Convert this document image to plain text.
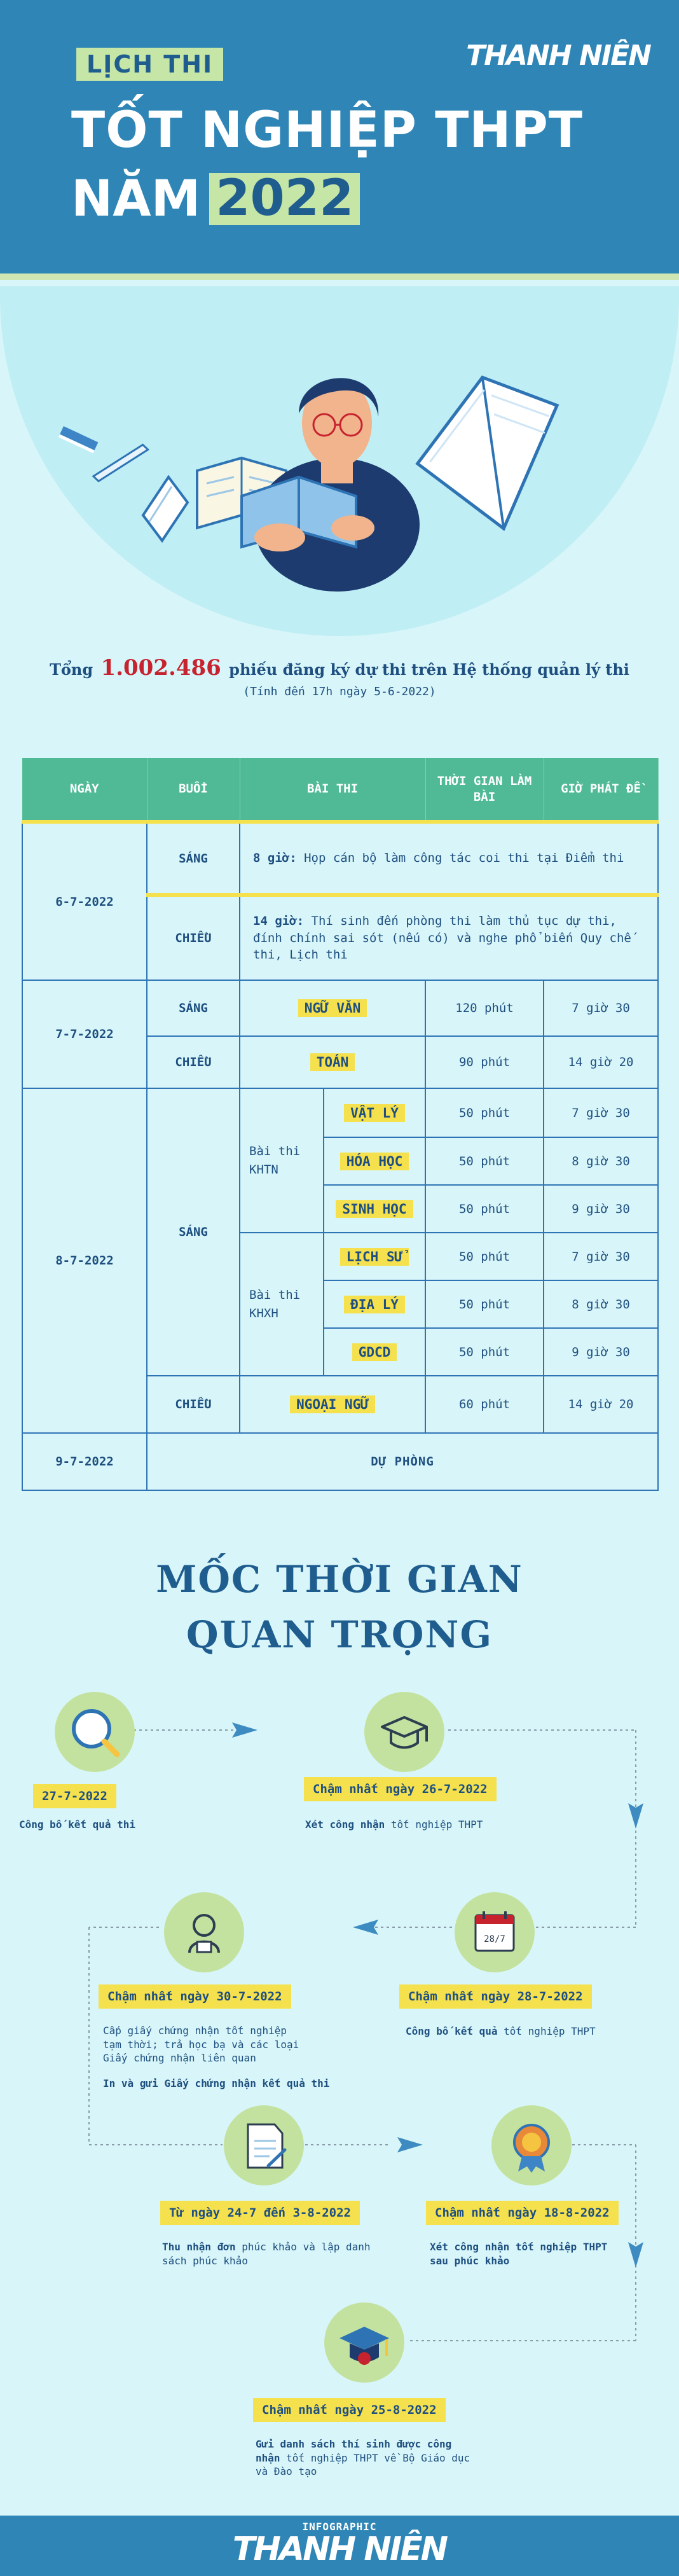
LỊCH THI
TỐT NGHIỆP THPT
NĂM 2022
THANH NIÊN
Tổng 1.002.486 phiếu đăng ký dự thi trên Hệ thống quản lý thi
(Tính đến 17h ngày 5-6-2022)
NGÀY	BUỔI	BÀI THI		THỜI GIAN LÀM BÀI	GIỜ PHÁT ĐỀ
6-7-2022	SÁNG	8 giờ: Họp cán bộ làm công tác coi thi tại Điểm thi			
	CHIỀU	14 giờ: Thí sinh đến phòng thi làm thủ tục dự thi, đính chính sai sót (nếu có) và nghe phổ biến Quy chế thi, Lịch thi			
7-7-2022	SÁNG	NGỮ VĂN		120 phút	7 giờ 30
	CHIỀU	TOÁN		90 phút	14 giờ 20
8-7-2022	SÁNG	Bài thi KHTN	VẬT LÝ	50 phút	7 giờ 30
			HÓA HỌC	50 phút	8 giờ 30
			SINH HỌC	50 phút	9 giờ 30
		Bài thi KHXH	LỊCH SỬ	50 phút	7 giờ 30
			ĐỊA LÝ	50 phút	8 giờ 30
			GDCD	50 phút	9 giờ 30
	CHIỀU	NGOẠI NGỮ		60 phút	14 giờ 20
9-7-2022	DỰ PHÒNG				
MỐC THỜI GIAN
QUAN TRỌNG
27-7-2022
Công bố kết quả thi
Chậm nhất ngày 26-7-2022
Xét công nhận tốt nghiệp THPT
28/7
Chậm nhất ngày 28-7-2022
Công bố kết quả tốt nghiệp THPT
Chậm nhất ngày 30-7-2022
Cấp giấy chứng nhận tốt nghiệp tạm thời; trả học bạ và các loại Giấy chứng nhận liên quan
In và gửi Giấy chứng nhận kết quả thi
Từ ngày 24-7 đến 3-8-2022
Thu nhận đơn phúc khảo và lập danh sách phúc khảo
Chậm nhất ngày 18-8-2022
Xét công nhận tốt nghiệp THPT sau phúc khảo
Chậm nhất ngày 25-8-2022
Gửi danh sách thí sinh được công nhận tốt nghiệp THPT về Bộ Giáo dục và Đào tạo
INFOGRAPHIC
THANH NIÊN
